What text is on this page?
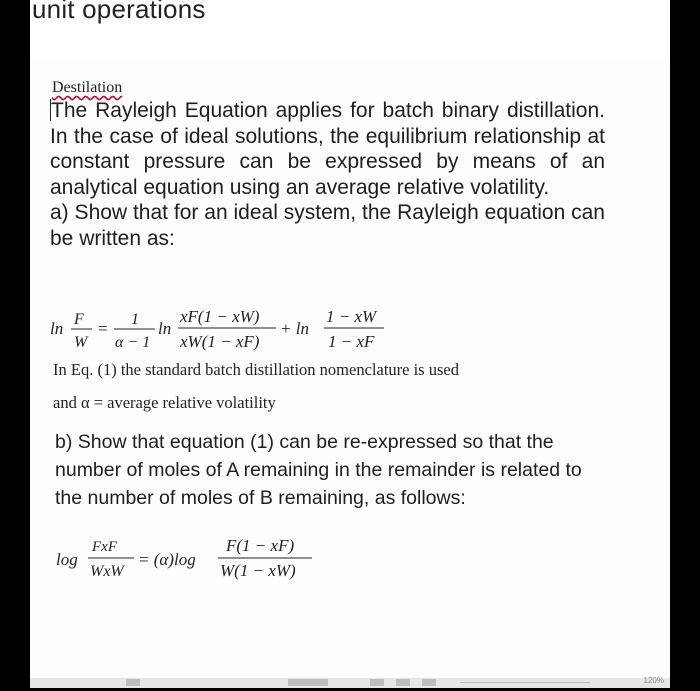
unit operations
Destilation
The Rayleigh Equation applies for batch binary distillation. In the case of ideal solutions, the equilibrium relationship at constant pressure can be expressed by means of an analytical equation using an average relative volatility.
a) Show that for an ideal system, the Rayleigh equation can be written as:
ln F
W
= 1
α − 1
ln
xF(1 − xW)
xW(1 − xF)
+ ln
1 − xW
1 − xF
In Eq. (1) the standard batch distillation nomenclature is used
and α = average relative volatility
b) Show that equation (1) can be re-expressed so that the number of moles of A remaining in the remainder is related to the number of moles of B remaining, as follows:
log
FxF
WxW
= (α)log
F(1 − xF)
W(1 − xW)
120%
